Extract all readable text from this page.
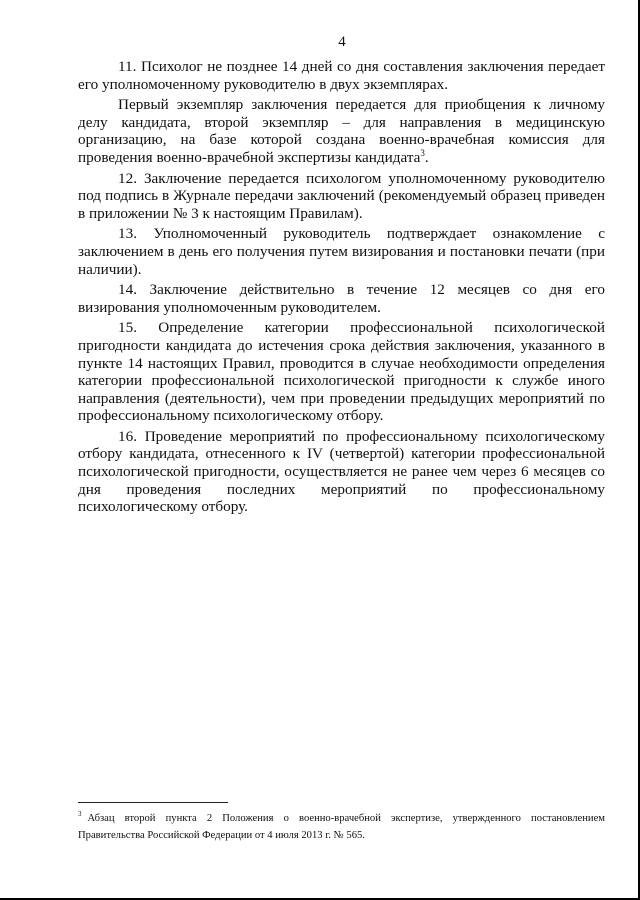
4

11. Психолог не позднее 14 дней со дня составления заключения передает его уполномоченному руководителю в двух экземплярах.

Первый экземпляр заключения передается для приобщения к личному делу кандидата, второй экземпляр – для направления в медицинскую организацию, на базе которой создана военно-врачебная комиссия для проведения военно-врачебной экспертизы кандидата$^3$.

12. Заключение передается психологом уполномоченному руководителю под подпись в Журнале передачи заключений (рекомендуемый образец приведен в приложении № 3 к настоящим Правилам).

13. Уполномоченный руководитель подтверждает ознакомление с заключением в день его получения путем визирования и постановки печати (при наличии).

14. Заключение действительно в течение 12 месяцев со дня его визирования уполномоченным руководителем.

15. Определение категории профессиональной психологической пригодности кандидата до истечения срока действия заключения, указанного в пункте 14 настоящих Правил, проводится в случае необходимости определения категории профессиональной психологической пригодности к службе иного направления (деятельности), чем при проведении предыдущих мероприятий по профессиональному психологическому отбору.

16. Проведение мероприятий по профессиональному психологическому отбору кандидата, отнесенного к IV (четвертой) категории профессиональной психологической пригодности, осуществляется не ранее чем через 6 месяцев со дня проведения последних мероприятий по профессиональному психологическому отбору.

$^3$ Абзац второй пункта 2 Положения о военно-врачебной экспертизе, утвержденного постановлением Правительства Российской Федерации от 4 июля 2013 г. № 565.
